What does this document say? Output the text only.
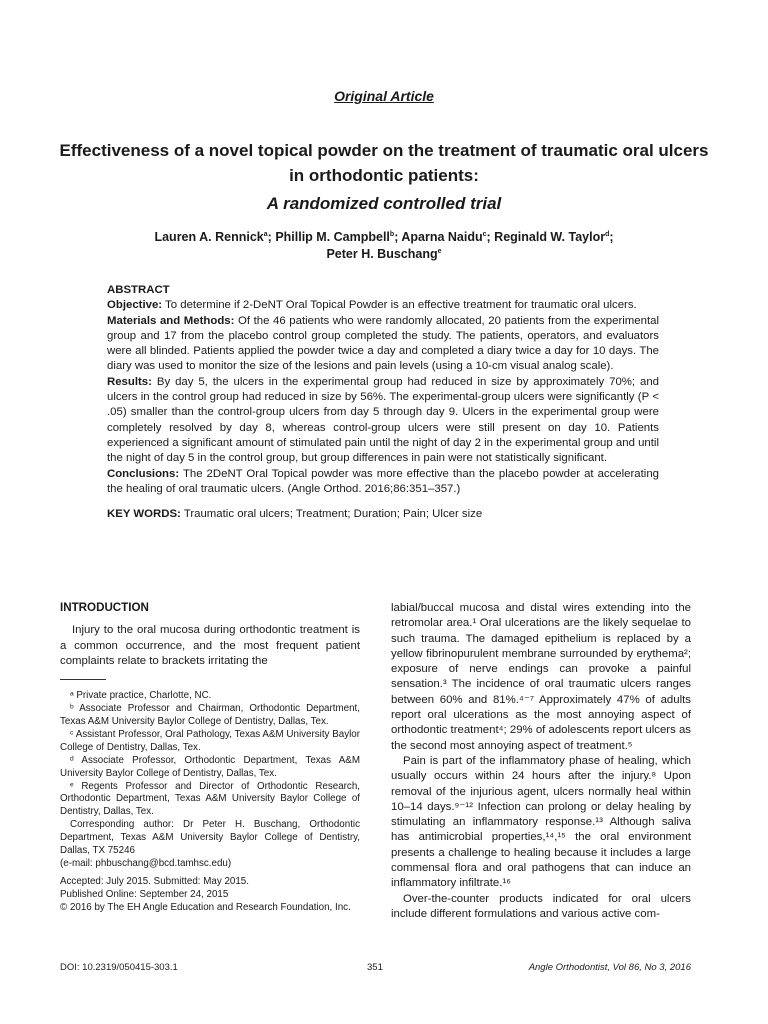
Original Article
Effectiveness of a novel topical powder on the treatment of traumatic oral ulcers in orthodontic patients:
A randomized controlled trial
Lauren A. Rennick$^a$; Phillip M. Campbell$^b$; Aparna Naidu$^c$; Reginald W. Taylor$^d$;
Peter H. Buschang$^e$

ABSTRACT

Objective: To determine if 2-DeNT Oral Topical Powder is an effective treatment for traumatic oral ulcers.

Materials and Methods: Of the 46 patients who were randomly allocated, 20 patients from the experimental group and 17 from the placebo control group completed the study. The patients, operators, and evaluators were all blinded. Patients applied the powder twice a day and completed a diary twice a day for 10 days. The diary was used to monitor the size of the lesions and pain levels (using a 10-cm visual analog scale).

Results: By day 5, the ulcers in the experimental group had reduced in size by approximately 70%; and ulcers in the control group had reduced in size by 56%. The experimental-group ulcers were significantly (P < .05) smaller than the control-group ulcers from day 5 through day 9. Ulcers in the experimental group were completely resolved by day 8, whereas control-group ulcers were still present on day 10. Patients experienced a significant amount of stimulated pain until the night of day 2 in the experimental group and until the night of day 5 in the control group, but group differences in pain were not statistically significant.

Conclusions: The 2DeNT Oral Topical powder was more effective than the placebo powder at accelerating the healing of oral traumatic ulcers. (Angle Orthod. 2016;86:351–357.)

KEY WORDS: Traumatic oral ulcers; Treatment; Duration; Pain; Ulcer size

INTRODUCTION

Injury to the oral mucosa during orthodontic treatment is a common occurrence, and the most frequent patient complaints relate to brackets irritating the

ᵃ Private practice, Charlotte, NC.

ᵇ Associate Professor and Chairman, Orthodontic Department, Texas A&M University Baylor College of Dentistry, Dallas, Tex.

ᶜ Assistant Professor, Oral Pathology, Texas A&M University Baylor College of Dentistry, Dallas, Tex.

ᵈ Associate Professor, Orthodontic Department, Texas A&M University Baylor College of Dentistry, Dallas, Tex.

ᵉ Regents Professor and Director of Orthodontic Research, Orthodontic Department, Texas A&M University Baylor College of Dentistry, Dallas, Tex.

Corresponding author: Dr Peter H. Buschang, Orthodontic Department, Texas A&M University Baylor College of Dentistry, Dallas, TX 75246

(e-mail: phbuschang@bcd.tamhsc.edu)

Accepted: July 2015. Submitted: May 2015.

Published Online: September 24, 2015

© 2016 by The EH Angle Education and Research Foundation, Inc.

labial/buccal mucosa and distal wires extending into the retromolar area.¹ Oral ulcerations are the likely sequelae to such trauma. The damaged epithelium is replaced by a yellow fibrinopurulent membrane surrounded by erythema²; exposure of nerve endings can provoke a painful sensation.³ The incidence of oral traumatic ulcers ranges between 60% and 81%.⁴⁻⁷ Approximately 47% of adults report oral ulcerations as the most annoying aspect of orthodontic treatment⁴; 29% of adolescents report ulcers as the second most annoying aspect of treatment.⁵

Pain is part of the inflammatory phase of healing, which usually occurs within 24 hours after the injury.⁸ Upon removal of the injurious agent, ulcers normally heal within 10–14 days.⁹⁻¹² Infection can prolong or delay healing by stimulating an inflammatory response.¹³ Although saliva has antimicrobial properties,¹⁴,¹⁵ the oral environment presents a challenge to healing because it includes a large commensal flora and oral pathogens that can induce an inflammatory infiltrate.¹⁶

Over-the-counter products indicated for oral ulcers include different formulations and various active com-

DOI: 10.2319/050415-303.1	351	Angle Orthodontist, Vol 86, No 3, 2016
